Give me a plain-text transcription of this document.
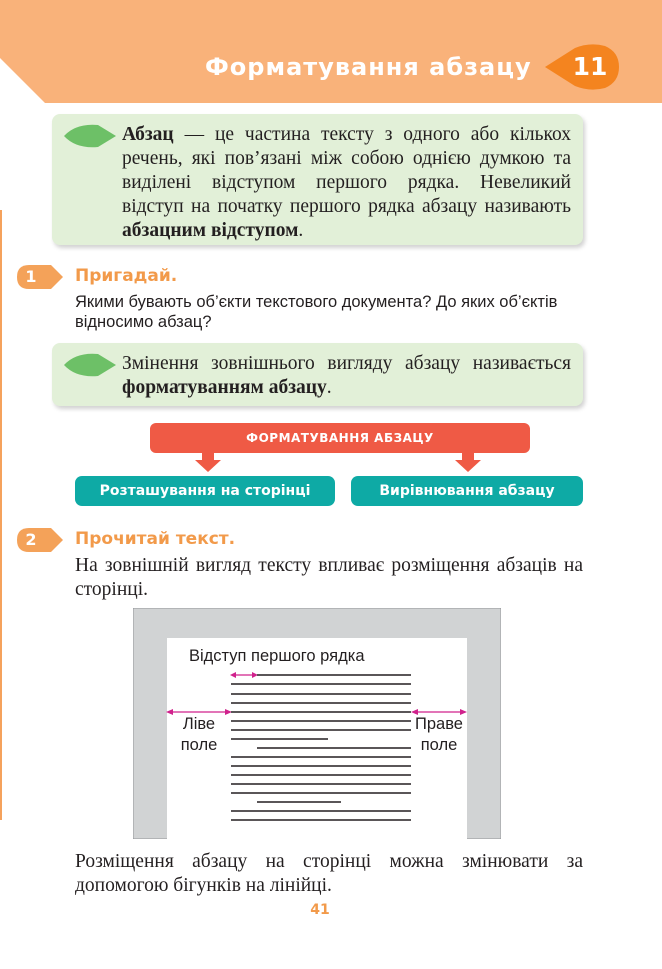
Форматування абзацу	11
Абзац — це частина тексту з одного або кількох речень, які пов’язані між собою однією думкою та виділені відступом першого рядка. Невеликий відступ на початку першого рядка абзацу називають абзацним відступом.
1	Пригадай.
Якими бувають об’єкти текстового документа? До яких об’єктів відносимо абзац?
Змінення зовнішнього вигляду абзацу називається форматуванням абзацу.
ФОРМАТУВАННЯ АБЗАЦУ
Розташування на сторінці	Вирівнювання абзацу
2	Прочитай текст.
На зовнішній вигляд тексту впливає розміщення абзаців на сторінці.
Відступ першого рядка
Ліве
поле
Праве
поле
Розміщення абзацу на сторінці можна змінювати за допомогою бігунків на лінійці.
41
